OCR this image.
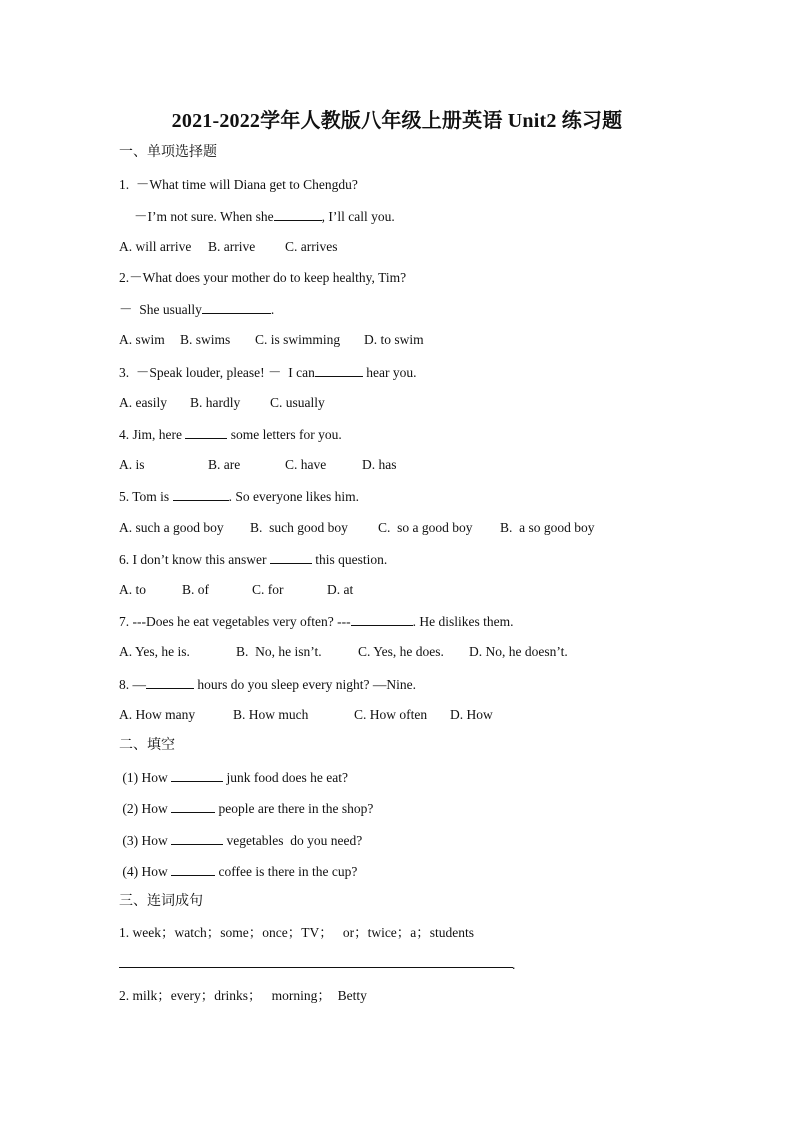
2021-2022学年人教版八年级上册英语 Unit2 练习题
一、单项选择题
1.  －What time will Diana get to Chengdu?
－I’m not sure. When she	, I’ll call you.
A. will arrive B. arrive C. arrives
2.－What does your mother do to keep healthy, Tim?
－  She usually	.
A. swim B. swims C. is swimming D. to swim
3.  －Speak louder, please! －  I can	hear you.
A. easily B. hardly C. usually
4. Jim, here	some letters for you.
A. is	B. are	C. have	D. has
5. Tom is	. So everyone likes him.
A. such a good boy B.  such good boy C.  so a good boy B.  a so good boy
6. I don’t know this answer	this question.
A. to	B. of	C. for	D. at
7. ---Does he eat vegetables very often? ---	. He dislikes them.
A. Yes, he is.	B.  No, he isn’t.	C. Yes, he does. D. No, he doesn’t.
8. —	hours do you sleep every night? —Nine.
A. How many	B. How much	C. How often D. How
二、填空
(1) How	junk food does he eat?
(2) How	people are there in the shop?
(3) How	vegetables  do you need?
(4) How	coffee is there in the cup?
三、连词成句
1. week；watch；some；once；TV；   or；twice；a；students
.
2. milk；every；drinks；   morning；  Betty
